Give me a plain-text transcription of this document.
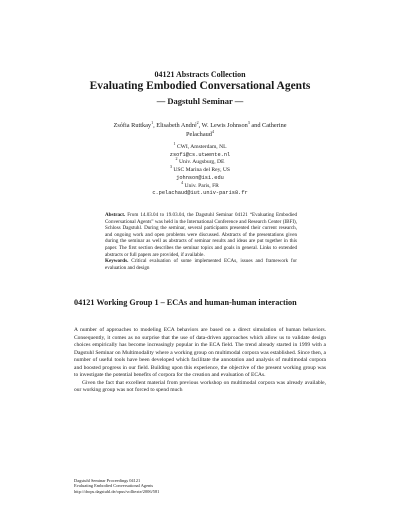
04121 Abstracts Collection
Evaluating Embodied Conversational Agents
— Dagstuhl Seminar —
Zsófia Ruttkay$^1$, Elisabeth André$^2$, W. Lewis Johnson$^3$ and Catherine
Pelachaud$^4$
$^1$ CWI, Amsterdam, NL
zsofi@cs.utwente.nl
$^2$ Univ. Augsburg, DE
$^3$ USC Marina del Rey, US
johnson@isi.edu
$^4$ Univ. Paris, FR
c.pelachaud@iut.univ-paris8.fr
Abstract. From 14.03.04 to 19.03.04, the Dagstuhl Seminar 04121 “Evaluating Embodied Conversational Agents” was held in the International Conference and Research Center (IBFI), Schloss Dagstuhl. During the seminar, several participants presented their current research, and ongoing work and open problems were discussed. Abstracts of the presentations given during the seminar as well as abstracts of seminar results and ideas are put together in this paper. The first section describes the seminar topics and goals in general. Links to extended abstracts or full papers are provided, if available.
Keywords. Critical evaluation of some implemented ECAs, issues and framework for evaluation and design
04121 Working Group 1 – ECAs and human-human interaction

A number of approaches to modeling ECA behaviors are based on a direct simulation of human behaviors. Consequently, it comes as no surprise that the use of data-driven approaches which allow us to validate design choices empirically has become increasingly popular in the ECA field. The trend already started in 1999 with a Dagstuhl Seminar on Multimodality where a working group on multimodal corpora was established. Since then, a number of useful tools have been developed which facilitate the annotation and analysis of multimodal corpora and boosted progress in our field. Building upon this experience, the objective of the present working group was to investigate the potential benefits of corpora for the creation and evaluation of ECAs.

Given the fact that excellent material from previous workshop on multimodal corpora was already available, our working group was not forced to spend much

Dagstuhl Seminar Proceedings 04121
Evaluating Embodied Conversational Agents
http://drops.dagstuhl.de/opus/volltexte/2006/581
